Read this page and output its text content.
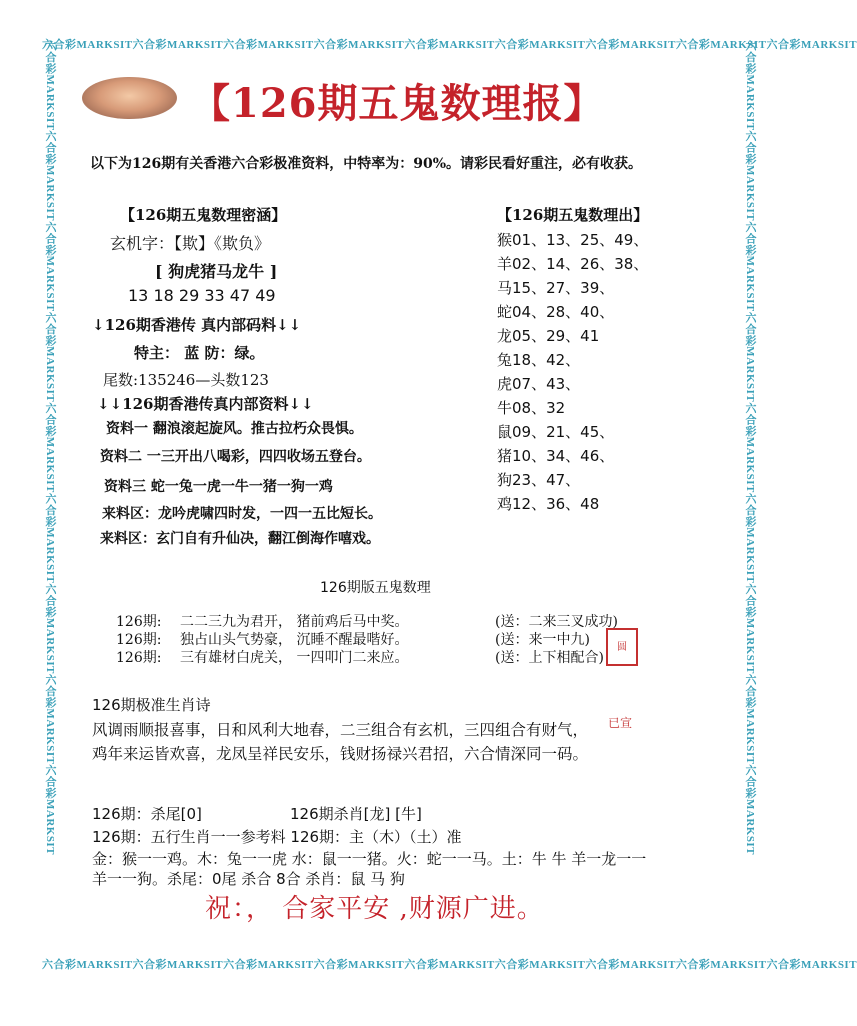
六合彩MARKSIT六合彩MARKSIT六合彩MARKSIT六合彩MARKSIT六合彩MARKSIT六合彩MARKSIT六合彩MARKSIT六合彩MARKSIT六合彩MARKSIT
六合彩MARKSIT六合彩MARKSIT六合彩MARKSIT六合彩MARKSIT六合彩MARKSIT六合彩MARKSIT六合彩MARKSIT六合彩MARKSIT六合彩MARKSIT
六合彩MARKSIT六合彩MARKSIT六合彩MARKSIT六合彩MARKSIT六合彩MARKSIT六合彩MARKSIT六合彩MARKSIT六合彩MARKSIT六合彩MARKSIT	六合彩MARKSIT六合彩MARKSIT六合彩MARKSIT六合彩MARKSIT六合彩MARKSIT六合彩MARKSIT六合彩MARKSIT六合彩MARKSIT六合彩MARKSIT
【126期五鬼数理报】
以下为126期有关香港六合彩极准资料，中特率为：90%。请彩民看好重注，必有收获。
【126期五鬼数理密涵】
玄机字：【欺】《欺负》
[ 狗虎猪马龙牛 ]
13 18 29 33 47 49
↓126期香港传 真内部码料↓↓
特主： 蓝 防：绿。
尾数:135246—头数123
↓↓126期香港传真内部资料↓↓
资料一 翻浪滚起旋风。推古拉朽众畏惧。
资料二 一三开出八喝彩，四四收场五登台。
资料三 蛇一兔一虎一牛一猪一狗一鸡
来料区：龙吟虎啸四时发，一四一五比短长。
来料区：玄门自有升仙决，翻江倒海作嘻戏。
【126期五鬼数理出】
猴01、13、25、49、
羊02、14、26、38、
马15、27、39、
蛇04、28、40、
龙05、29、41
兔18、42、
虎07、43、
牛08、32
鼠09、21、45、
猪10、34、46、
狗23、47、
鸡12、36、48
126期版五鬼数理
126期: 二二三九为君开， 猪前鸡后马中奖。	(送：二来三叉成功)
126期: 独占山头气势豪， 沉睡不醒最喈好。	(送：来一中九)
126期: 三有雄材白虎关， 一四叩门二来应。	(送：上下相配合)
圆
126期极准生肖诗
风调雨顺报喜事，日和风利大地春，二三组合有玄机，三四组合有财气，
鸡年来运皆欢喜，龙凤呈祥民安乐，钱财扬禄兴君招，六合情深同一码。
已宣
126期：杀尾[0]	126期杀肖[龙] [牛]
126期：五行生肖一一参考料 126期：主（木）（土）准
金：猴一一鸡。木：兔一一虎 水：鼠一一猪。火：蛇一一马。土：牛 牛 羊一龙一一
羊一一狗。杀尾：0尾 杀合 8合 杀肖：鼠 马 狗
祝：， 合家平安 ,财源广进。
